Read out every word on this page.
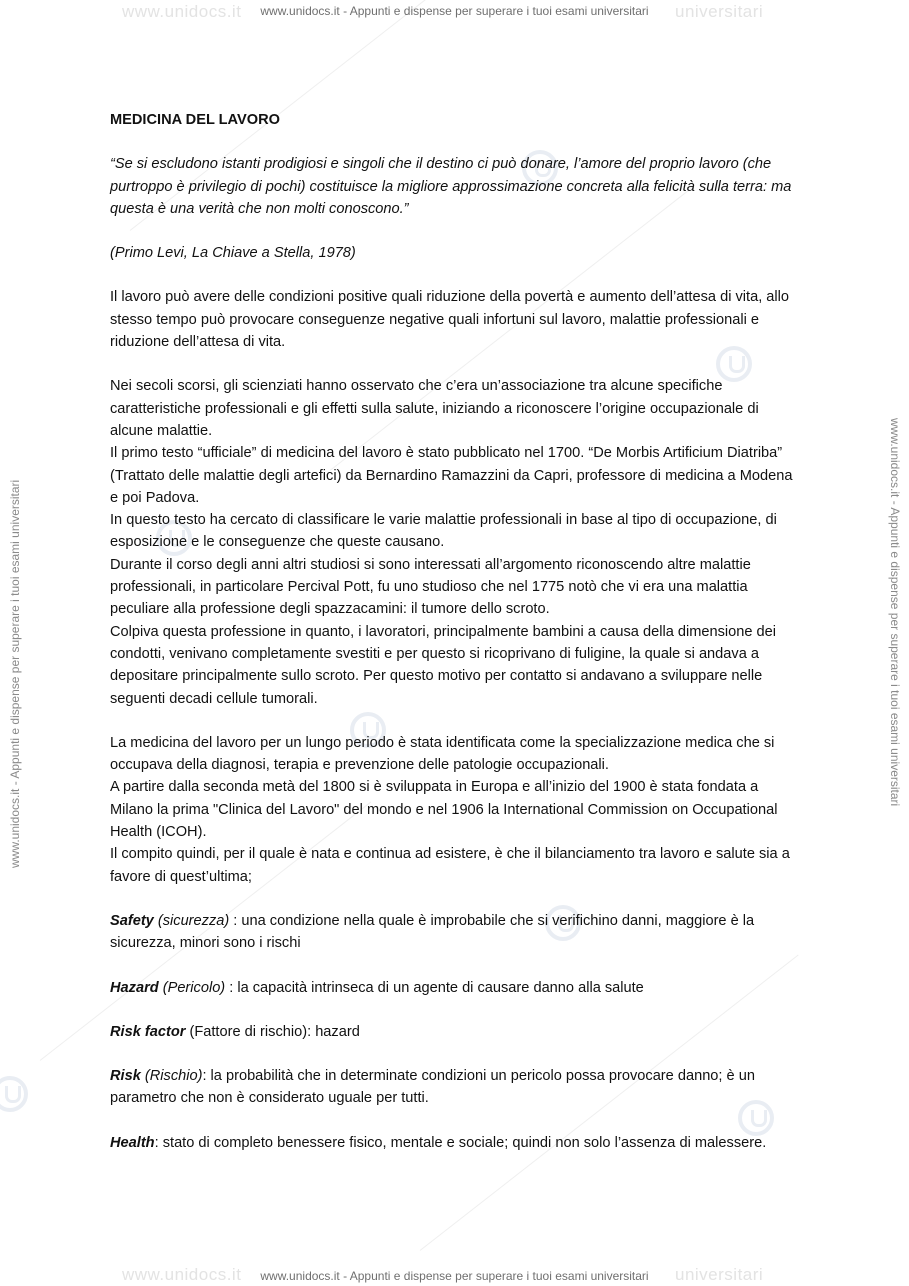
www.unidocs.it	universitari
www.unidocs.it - Appunti e dispense per superare i tuoi esami universitari
www.unidocs.it	universitari
www.unidocs.it - Appunti e dispense per superare i tuoi esami universitari
www.unidocs.it - Appunti e dispense per superare i tuoi esami universitari	www.unidocs.it - Appunti e dispense per superare i tuoi esami universitari

MEDICINA DEL LAVORO

“Se si escludono istanti prodigiosi e singoli che il destino ci può donare, l’amore del proprio lavoro (che purtroppo è privilegio di pochi) costituisce la migliore approssimazione concreta alla felicità sulla terra: ma questa è una verità che non molti conoscono.”

(Primo Levi, La Chiave a Stella, 1978)

Il lavoro può avere delle condizioni positive quali riduzione della povertà e aumento dell’attesa di vita, allo stesso tempo può provocare conseguenze negative quali infortuni sul lavoro, malattie professionali e riduzione dell’attesa di vita.

Nei secoli scorsi, gli scienziati hanno osservato che c’era un’associazione tra alcune specifiche caratteristiche professionali e gli effetti sulla salute, iniziando a riconoscere l’origine occupazionale di alcune malattie.

Il primo testo “ufficiale” di medicina del lavoro è stato pubblicato nel 1700. “De Morbis Artificium Diatriba” (Trattato delle malattie degli artefici) da Bernardino Ramazzini da Capri, professore di medicina a Modena e poi Padova.

In questo testo ha cercato di classificare le varie malattie professionali in base al tipo di occupazione, di esposizione e le conseguenze che queste causano.

Durante il corso degli anni altri studiosi si sono interessati all’argomento riconoscendo altre malattie professionali, in particolare Percival Pott, fu uno studioso che nel 1775 notò che vi era una malattia peculiare alla professione degli spazzacamini: il tumore dello scroto.

Colpiva questa professione in quanto, i lavoratori, principalmente bambini a causa della dimensione dei condotti, venivano completamente svestiti e per questo si ricoprivano di fuligine, la quale si andava a depositare principalmente sullo scroto. Per questo motivo per contatto si andavano a sviluppare nelle seguenti decadi cellule tumorali.

La medicina del lavoro per un lungo periodo è stata identificata come la specializzazione medica che si occupava della diagnosi, terapia e prevenzione delle patologie occupazionali.

A partire dalla seconda metà del 1800 si è sviluppata in Europa e all’inizio del 1900 è stata fondata a Milano la prima "Clinica del Lavoro" del mondo e nel 1906 la International Commission on Occupational Health (ICOH).

Il compito quindi, per il quale è nata e continua ad esistere, è che il bilanciamento tra lavoro e salute sia a favore di quest’ultima;

Safety (sicurezza) : una condizione nella quale è improbabile che si verifichino danni, maggiore è la sicurezza, minori sono i rischi

Hazard (Pericolo) : la capacità intrinseca di un agente di causare danno alla salute

Risk factor (Fattore di rischio): hazard

Risk (Rischio): la probabilità che in determinate condizioni un pericolo possa provocare danno; è un parametro che non è considerato uguale per tutti.

Health: stato di completo benessere fisico, mentale e sociale; quindi non solo l’assenza di malessere.
